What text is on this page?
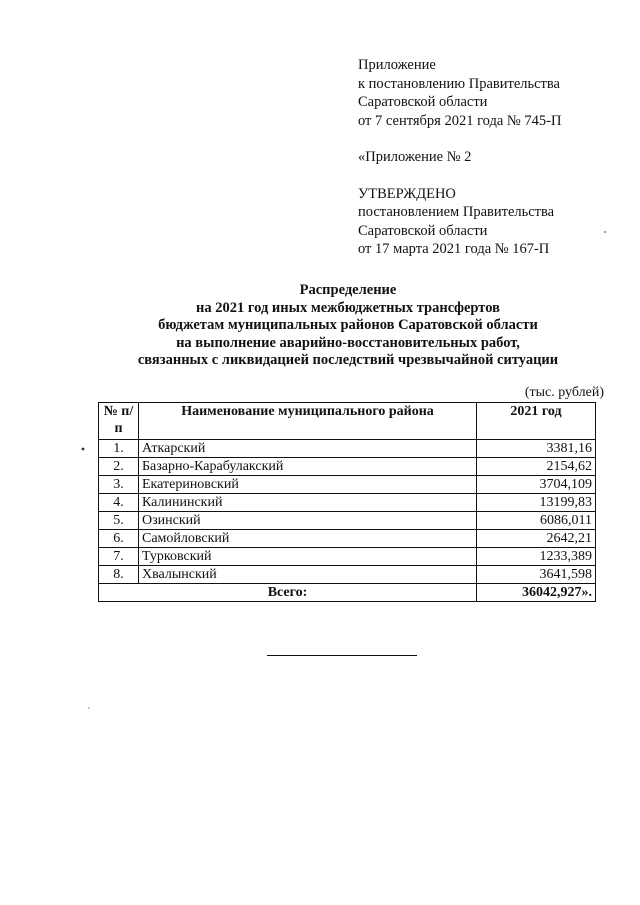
Приложение
к постановлению Правительства
Саратовской области
от 7 сентября 2021 года № 745-П
«Приложение № 2
УТВЕРЖДЕНО
постановлением Правительства
Саратовской области
от 17 марта 2021 года № 167-П
Распределение
на 2021 год иных межбюджетных трансфертов
бюджетам муниципальных районов Саратовской области
на выполнение аварийно-восстановительных работ,
связанных с ликвидацией последствий чрезвычайной ситуации
(тыс. рублей)
№ п/п	Наименование муниципального района	2021 год
1.	Аткарский	3381,16
2.	Базарно-Карабулакский	2154,62
3.	Екатериновский	3704,109
4.	Калининский	13199,83
5.	Озинский	6086,011
6.	Самойловский	2642,21
7.	Турковский	1233,389
8.	Хвалынский	3641,598
Всего:		36042,927».
